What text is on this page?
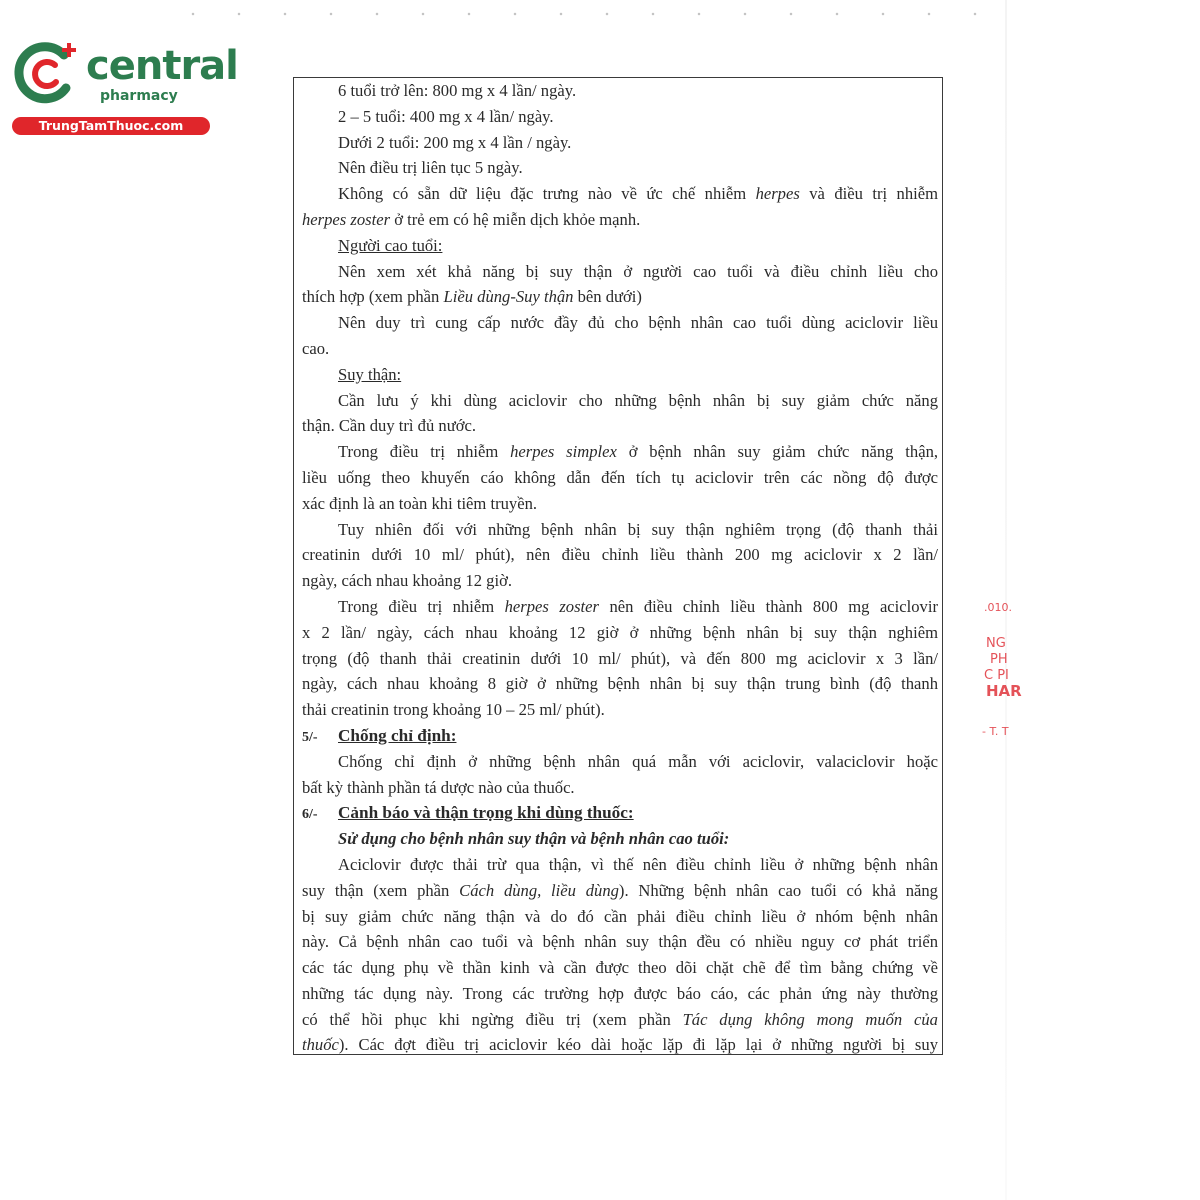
central
pharmacy
TrungTamThuoc.com
6 tuổi trở lên: 800 mg x 4 lần/ ngày.
2 – 5 tuổi: 400 mg x 4 lần/ ngày.
Dưới 2 tuổi: 200 mg x 4 lần / ngày.
Nên điều trị liên tục 5 ngày.
Không có sẵn dữ liệu đặc trưng nào về ức chế nhiễm herpes và điều trị nhiễm
herpes zoster ở trẻ em có hệ miễn dịch khỏe mạnh.
Người cao tuổi:
Nên xem xét khả năng bị suy thận ở người cao tuổi và điều chỉnh liều cho
thích hợp (xem phần Liều dùng-Suy thận bên dưới)
Nên duy trì cung cấp nước đầy đủ cho bệnh nhân cao tuổi dùng aciclovir liều
cao.
Suy thận:
Cần lưu ý khi dùng aciclovir cho những bệnh nhân bị suy giảm chức năng
thận. Cần duy trì đủ nước.
Trong điều trị nhiễm herpes simplex ở bệnh nhân suy giảm chức năng thận,
liều uống theo khuyến cáo không dẫn đến tích tụ aciclovir trên các nồng độ được
xác định là an toàn khi tiêm truyền.
Tuy nhiên đối với những bệnh nhân bị suy thận nghiêm trọng (độ thanh thải
creatinin dưới 10 ml/ phút), nên điều chỉnh liều thành 200 mg aciclovir x 2 lần/
ngày, cách nhau khoảng 12 giờ.
Trong điều trị nhiễm herpes zoster nên điều chỉnh liều thành 800 mg aciclovir
x 2 lần/ ngày, cách nhau khoảng 12 giờ ở những bệnh nhân bị suy thận nghiêm
trọng (độ thanh thải creatinin dưới 10 ml/ phút), và đến 800 mg aciclovir x 3 lần/
ngày, cách nhau khoảng 8 giờ ở những bệnh nhân bị suy thận trung bình (độ thanh
thải creatinin trong khoảng 10 – 25 ml/ phút).
5/- Chống chỉ định:
Chống chỉ định ở những bệnh nhân quá mẫn với aciclovir, valaciclovir hoặc
bất kỳ thành phần tá dược nào của thuốc.
6/- Cảnh báo và thận trọng khi dùng thuốc:
Sử dụng cho bệnh nhân suy thận và bệnh nhân cao tuổi:
Aciclovir được thải trừ qua thận, vì thế nên điều chỉnh liều ở những bệnh nhân
suy thận (xem phần Cách dùng, liều dùng). Những bệnh nhân cao tuổi có khả năng
bị suy giảm chức năng thận và do đó cần phải điều chỉnh liều ở nhóm bệnh nhân
này. Cả bệnh nhân cao tuổi và bệnh nhân suy thận đều có nhiều nguy cơ phát triển
các tác dụng phụ về thần kinh và cần được theo dõi chặt chẽ để tìm bằng chứng về
những tác dụng này. Trong các trường hợp được báo cáo, các phản ứng này thường
có thể hồi phục khi ngừng điều trị (xem phần Tác dụng không mong muốn của
thuốc). Các đợt điều trị aciclovir kéo dài hoặc lặp đi lặp lại ở những người bị suy
.010.
NG
PH
C PI
HAR
- T. T
